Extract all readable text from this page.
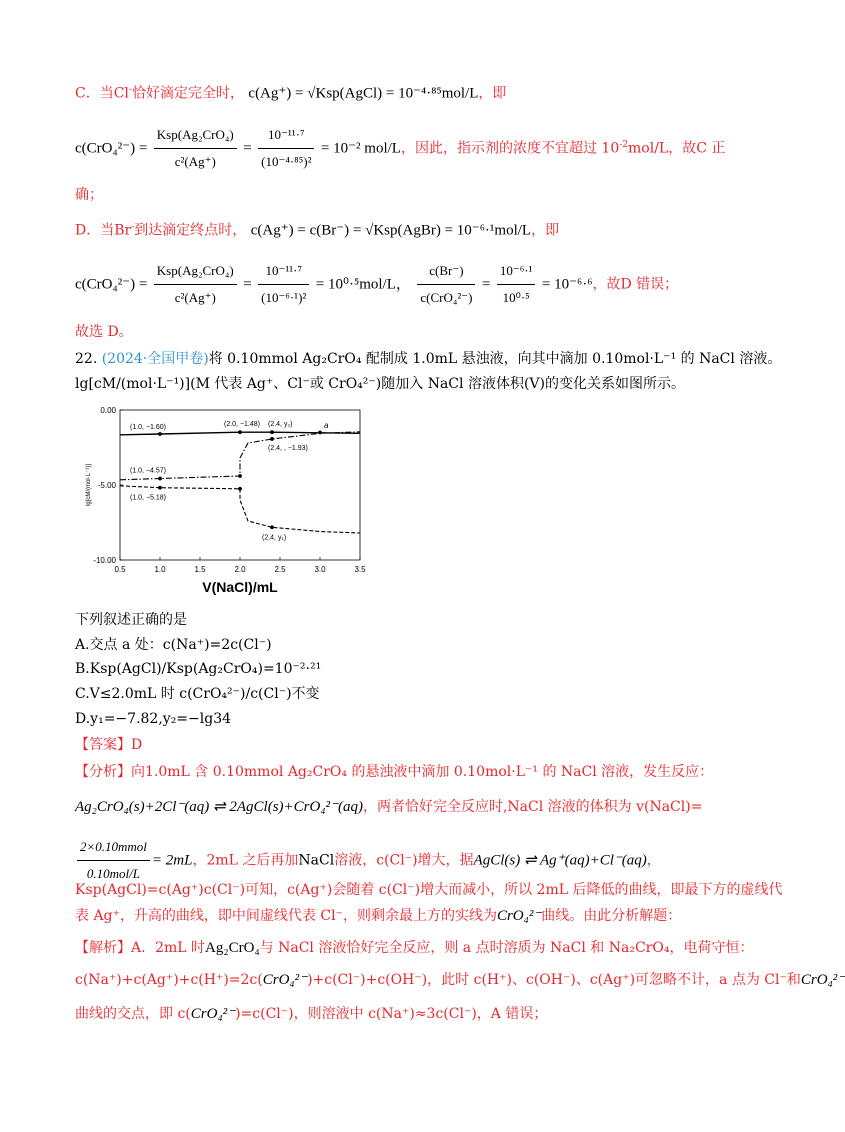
C．当Cl-恰好滴定完全时， c(Ag⁺) = √Ksp(AgCl) = 10⁻⁴·⁸⁵mol/L，即
$c(CrO_4^{2-}) = \frac{\text{Ksp(Ag₂CrO₄)}}{\text{c²(Ag⁺)}} = \frac{\text{10⁻¹¹·⁷}}{\text{(10⁻⁴·⁸⁵)²}} = 10^{-2}$ mol/L，因此，指示剂的浓度不宜超过 $10^{-2}mol/L$，故C 正
确；
D．当Br-到达滴定终点时， c(Ag⁺) = c(Br⁻) = √Ksp(AgBr) = 10⁻⁶·¹mol/L，即
$c(CrO_4^{2-}) = \frac{\text{Ksp(Ag₂CrO₄)}}{\text{c²(Ag⁺)}} = \frac{\text{10⁻¹¹·⁷}}{\text{(10⁻⁶·¹)²}} = 10^0\cdot^5mol/L$， $\frac{c(Br^-)}{\text{c(CrO₄²⁻)}} = \frac{\text{10⁻⁶·¹}}{\text{10⁰·⁵}} = 10^{-6}\cdot^6$，故D 错误；
故选 D。
22. (2024·全国甲卷)将 0.10mmol Ag₂CrO₄ 配制成 1.0mL 悬浊液，向其中滴加 0.10mol·L⁻¹ 的 NaCl 溶液。
lg[cM/(mol·L⁻¹)](M 代表 Ag⁺、Cl⁻或 CrO₄²⁻)随加入 NaCl 溶液体积(V)的变化关系如图所示。
0.5	1.0	1.5	2.0	2.5	3.0	3.5
0.00
-5.00
-10.00
V(NaCl)/mL
lg[cM/(mol·L⁻¹)]
(1.0, −1.60)	(2.0, −1.48) (2.4, y₂)
(2.4, , −1.93)
(1.0, −4.57)
(1.0, −5.18)
(2.4, y₁)
a
下列叙述正确的是
A.交点 a 处：c(Na⁺)=2c(Cl⁻)
B.Ksp(AgCl)/Ksp(Ag₂CrO₄)=10⁻²·²¹
C.V≤2.0mL 时 c(CrO₄²⁻)/c(Cl⁻)不变
D.y₁=−7.82,y₂=−lg34
【答案】D
【分析】向1.0mL 含 0.10mmol Ag₂CrO₄ 的悬浊液中滴加 0.10mol·L⁻¹ 的 NaCl 溶液，发生反应：
Ag₂CrO₄(s)+2Cl⁻(aq) ⇌ 2AgCl(s)+CrO₄²⁻(aq)，两者恰好完全反应时,NaCl 溶液的体积为 v(NaCl)=
$\frac{\text{2×0.10mmol}}{\text{0.10mol/L}} = 2mL$，2mL 之后再加NaCl溶液，c(Cl⁻)增大，据AgCl(s) ⇌ Ag⁺(aq)+Cl⁻(aq)，
Ksp(AgCl)=c(Ag⁺)c(Cl⁻)可知，c(Ag⁺)会随着 c(Cl⁻)增大而减小，所以 2mL 后降低的曲线，即最下方的虚线代
表 Ag⁺，升高的曲线，即中间虚线代表 Cl⁻，则剩余最上方的实线为CrO₄²⁻曲线。由此分析解题：
【解析】A．2mL 时Ag₂CrO₄与 NaCl 溶液恰好完全反应，则 a 点时溶质为 NaCl 和 Na₂CrO₄，电荷守恒：
c(Na⁺)+c(Ag⁺)+c(H⁺)=2c(CrO₄²⁻)+c(Cl⁻)+c(OH⁻)，此时 c(H⁺)、c(OH⁻)、c(Ag⁺)可忽略不计，a 点为 Cl⁻和CrO₄²⁻
曲线的交点，即 c(CrO₄²⁻)=c(Cl⁻)，则溶液中 c(Na⁺)≈3c(Cl⁻)，A 错误；
